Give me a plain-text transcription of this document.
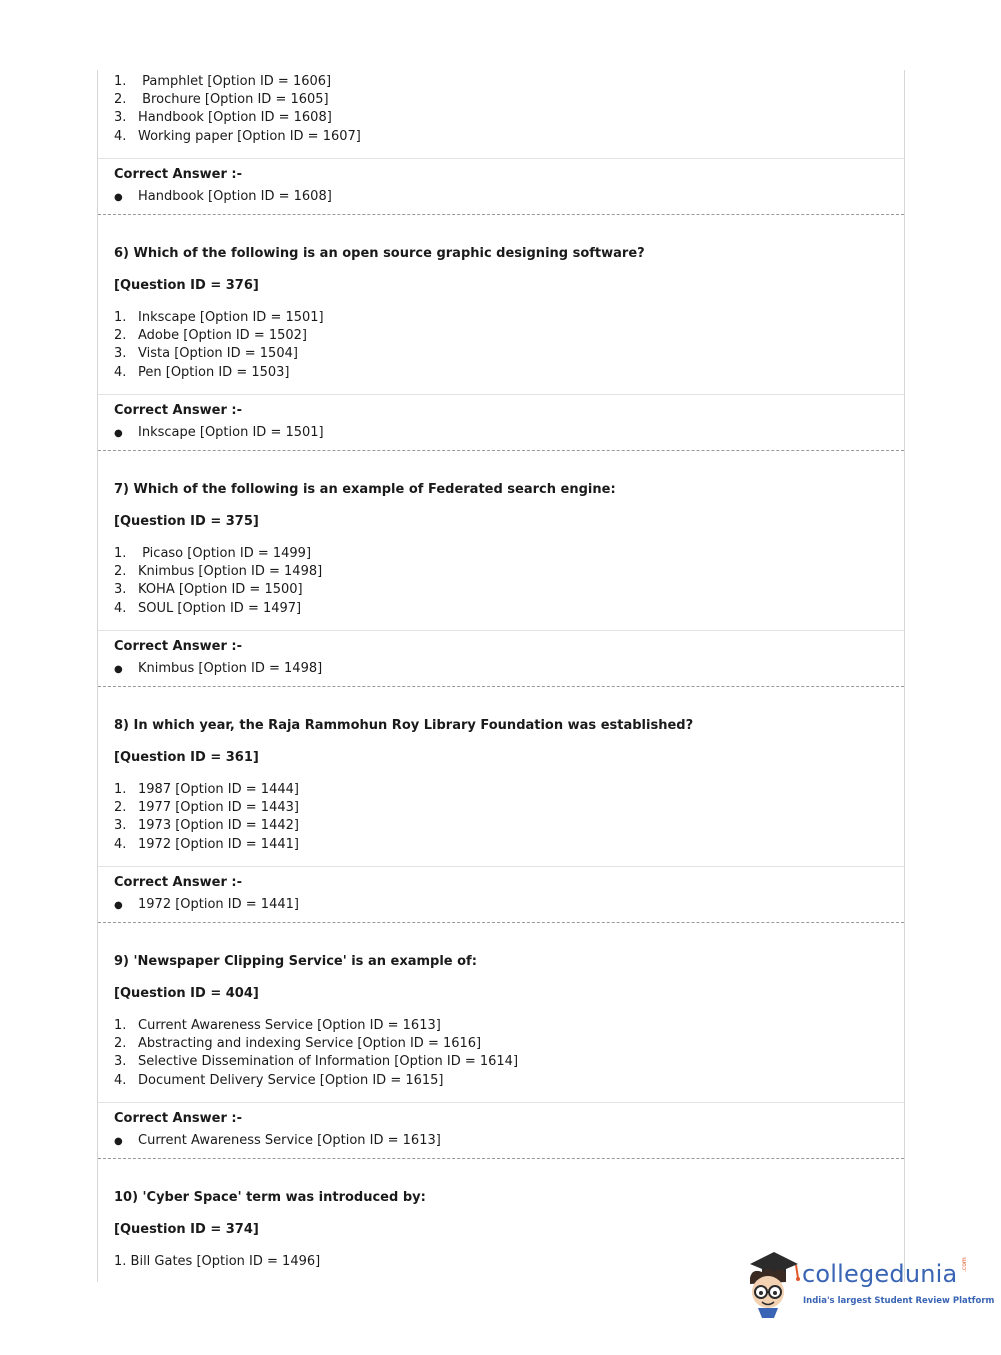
1. Pamphlet [Option ID = 1606]
2. Brochure [Option ID = 1605]
3. Handbook [Option ID = 1608]
4. Working paper [Option ID = 1607]
Correct Answer :-
● Handbook [Option ID = 1608]
6) Which of the following is an open source graphic designing software?
[Question ID = 376]
1. Inkscape [Option ID = 1501]
2. Adobe [Option ID = 1502]
3. Vista [Option ID = 1504]
4. Pen [Option ID = 1503]
Correct Answer :-
● Inkscape [Option ID = 1501]
7) Which of the following is an example of Federated search engine:
[Question ID = 375]
1. Picaso [Option ID = 1499]
2. Knimbus [Option ID = 1498]
3. KOHA [Option ID = 1500]
4. SOUL [Option ID = 1497]
Correct Answer :-
● Knimbus [Option ID = 1498]
8) In which year, the Raja Rammohun Roy Library Foundation was established?
[Question ID = 361]
1. 1987 [Option ID = 1444]
2. 1977 [Option ID = 1443]
3. 1973 [Option ID = 1442]
4. 1972 [Option ID = 1441]
Correct Answer :-
● 1972 [Option ID = 1441]
9) 'Newspaper Clipping Service' is an example of:
[Question ID = 404]
1. Current Awareness Service [Option ID = 1613]
2. Abstracting and indexing Service [Option ID = 1616]
3. Selective Dissemination of Information [Option ID = 1614]
4. Document Delivery Service [Option ID = 1615]
Correct Answer :-
● Current Awareness Service [Option ID = 1613]
10) 'Cyber Space' term was introduced by:
[Question ID = 374]
1. Bill Gates [Option ID = 1496]	collegedunia .com
India's largest Student Review Platform
